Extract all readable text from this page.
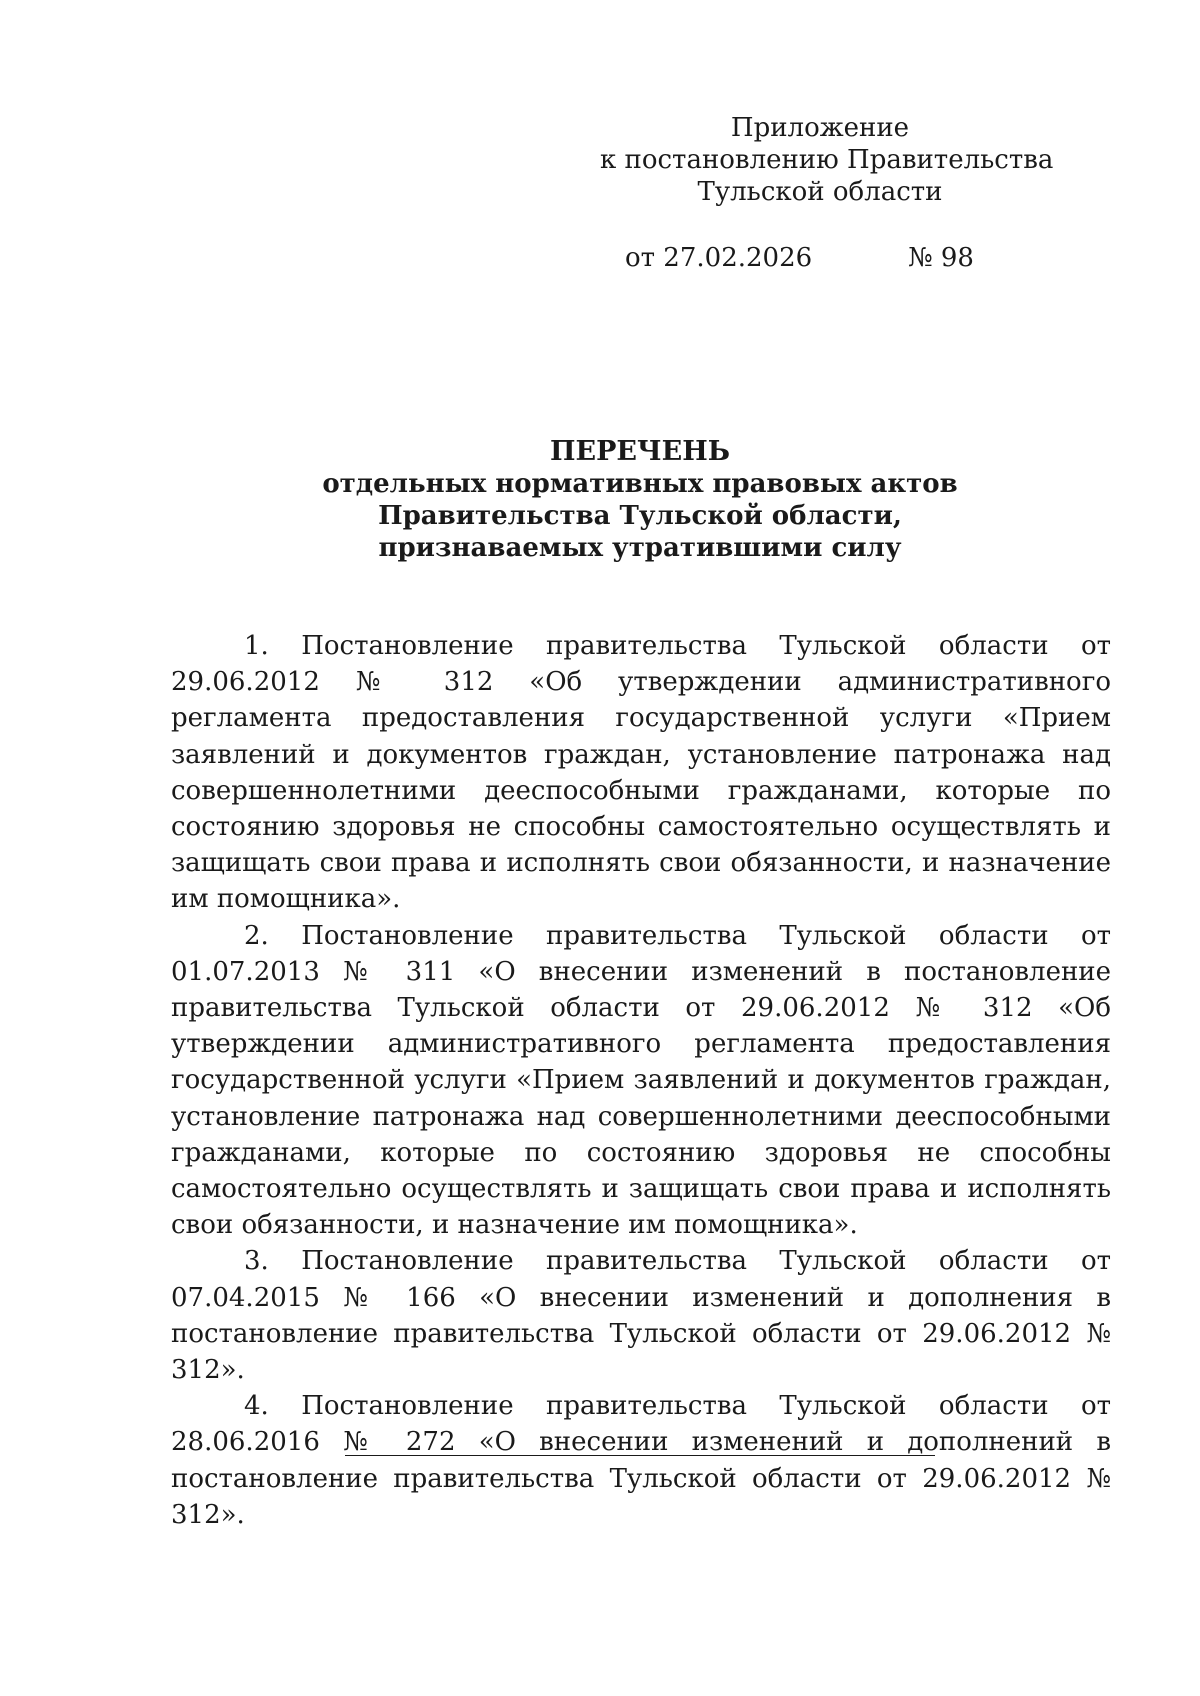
Приложение
к постановлению Правительства
Тульской области
от 27.02.2026	№ 98
ПЕРЕЧЕНЬ
отдельных нормативных правовых актов
Правительства Тульской области,
признаваемых утратившими силу

1. Постановление правительства Тульской области от 29.06.2012 № 312 «Об утверждении административного регламента предоставления государственной услуги «Прием заявлений и документов граждан, установление патронажа над совершеннолетними дееспособными гражданами, которые по состоянию здоровья не способны самостоятельно осуществлять и защищать свои права и исполнять свои обязанности, и назначение им помощника».

2. Постановление правительства Тульской области от 01.07.2013 № 311 «О внесении изменений в постановление правительства Тульской области от 29.06.2012 № 312 «Об утверждении административного регламента предоставления государственной услуги «Прием заявлений и документов граждан, установление патронажа над совершеннолетними дееспособными гражданами, которые по состоянию здоровья не способны самостоятельно осуществлять и защищать свои права и исполнять свои обязанности, и назначение им помощника».

3. Постановление правительства Тульской области от 07.04.2015 № 166 «О внесении изменений и дополнения в постановление правительства Тульской области от 29.06.2012 № 312».

4. Постановление правительства Тульской области от 28.06.2016 № 272 «О внесении изменений и дополнений в постановление правительства Тульской области от 29.06.2012 № 312».
